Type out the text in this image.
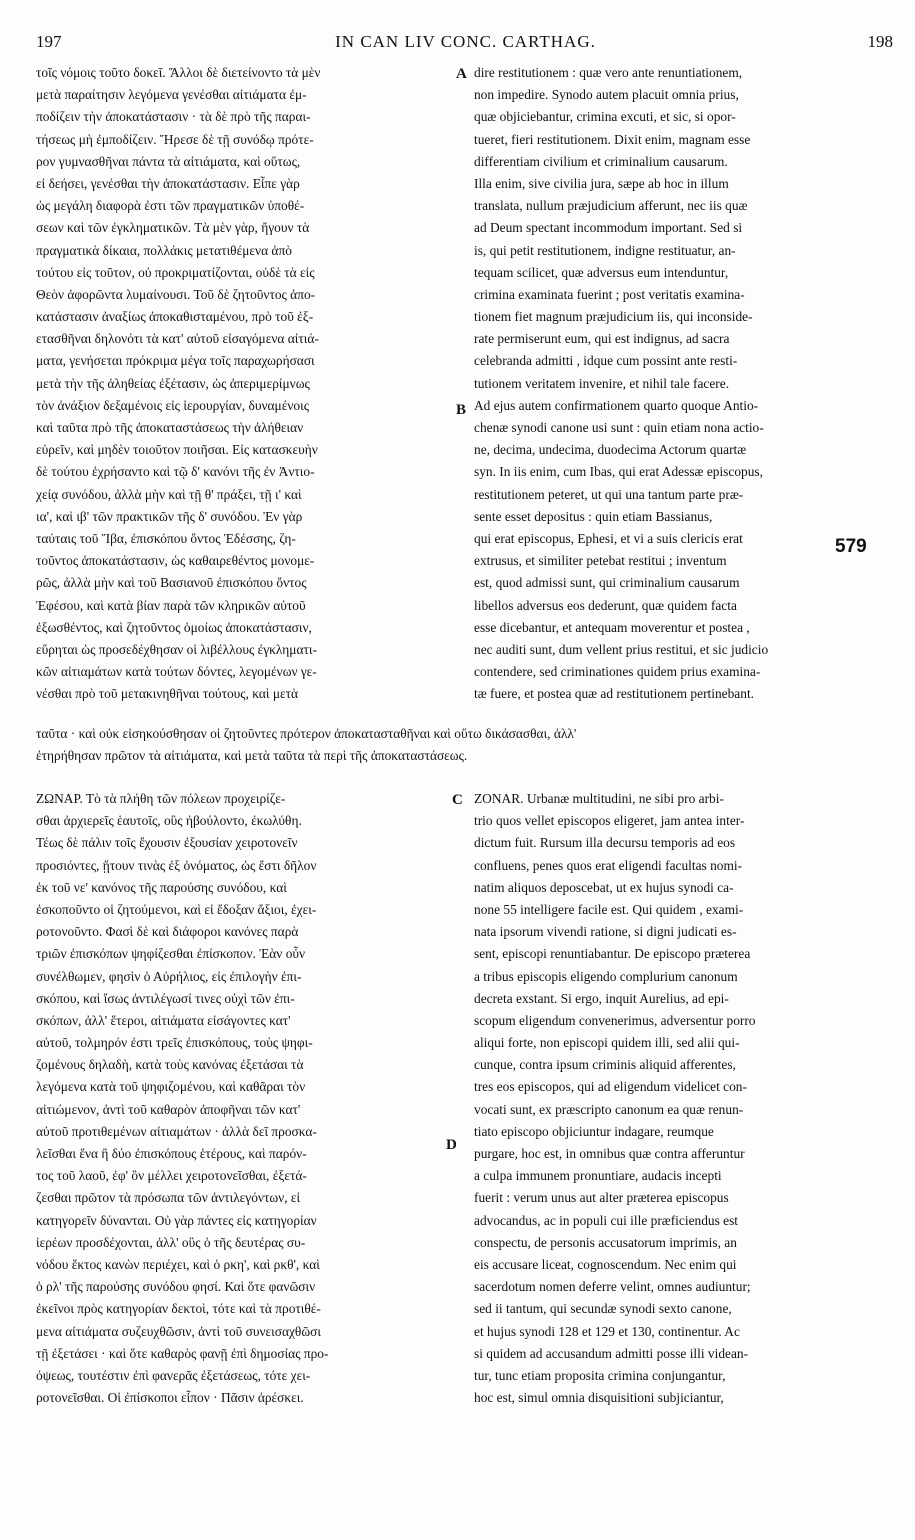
197	IN CAN LIV CONC. CARTHAG.	198
τοῖς νόμοις τοῦτο δοκεῖ. Ἄλλοι δὲ διετείνοντο τὰ μὲν
μετὰ παραίτησιν λεγόμενα γενέσθαι αἰτιάματα ἐμ-
ποδίζειν τὴν ἀποκατάστασιν · τὰ δὲ πρὸ τῆς παραι-
τήσεως μὴ ἐμποδίζειν. Ἤρεσε δὲ τῇ συνόδῳ πρότε-
ρον γυμνασθῆναι πάντα τὰ αἰτιάματα, καὶ οὕτως,
εἰ δεήσει, γενέσθαι τὴν ἀποκατάστασιν. Εἶπε γὰρ
ὡς μεγάλη διαφορὰ ἐστι τῶν πραγματικῶν ὑποθέ-
σεων καὶ τῶν ἐγκληματικῶν. Τὰ μὲν γὰρ, ἤγουν τὰ
πραγματικὰ δίκαια, πολλάκις μετατιθέμενα ἀπὸ
τούτου εἰς τοῦτον, οὐ προκριματίζονται, οὐδὲ τὰ εἰς
Θεὸν ἀφορῶντα λυμαίνουσι. Τοῦ δὲ ζητοῦντος ἀπο-
κατάστασιν ἀναξίως ἀποκαθισταμένου, πρὸ τοῦ ἐξ-
ετασθῆναι δηλονότι τὰ κατ' αὐτοῦ εἰσαγόμενα αἰτιά-
ματα, γενήσεται πρόκριμα μέγα τοῖς παραχωρήσασι
μετὰ τὴν τῆς ἀληθείας ἐξέτασιν, ὡς ἀπεριμερίμνως
τὸν ἀνάξιον δεξαμένοις εἰς ἱερουργίαν, δυναμένοις
καὶ ταῦτα πρὸ τῆς ἀποκαταστάσεως τὴν ἀλήθειαν
εὑρεῖν, καὶ μηδὲν τοιοῦτον ποιῆσαι. Εἰς κατασκευὴν
δὲ τούτου ἐχρήσαντο καὶ τῷ δ' κανόνι τῆς ἐν Ἀντιο-
χείᾳ συνόδου, ἀλλὰ μὴν καὶ τῇ θ' πράξει, τῇ ι' καὶ
ια', καὶ ιβ' τῶν πρακτικῶν τῆς δ' συνόδου. Ἐν γὰρ
ταύταις τοῦ Ἴβα, ἐπισκόπου ὄντος Ἐδέσσης, ζη-
τοῦντος ἀποκατάστασιν, ὡς καθαιρεθέντος μονομε-
ρῶς, ἀλλὰ μὴν καὶ τοῦ Βασιανοῦ ἐπισκόπου ὄντος
Ἐφέσου, καὶ κατὰ βίαν παρὰ τῶν κληρικῶν αὐτοῦ
ἐξωσθέντος, καὶ ζητοῦντος ὁμοίως ἀποκατάστασιν,
εὕρηται ὡς προσεδέχθησαν οἱ λιβέλλους ἐγκληματι-
κῶν αἰτιαμάτων κατὰ τούτων δόντες, λεγομένων γε-
νέσθαι πρὸ τοῦ μετακινηθῆναι τούτους, καὶ μετὰ
dire restitutionem : quæ vero ante renuntiationem,
non impedire. Synodo autem placuit omnia prius,
quæ objiciebantur, crimina excuti, et sic, si opor-
tueret, fieri restitutionem. Dixit enim, magnam esse
differentiam civilium et criminalium causarum.
Illa enim, sive civilia jura, sæpe ab hoc in illum
translata, nullum præjudicium afferunt, nec iis quæ
ad Deum spectant incommodum important. Sed si
is, qui petit restitutionem, indigne restituatur, an-
tequam scilicet, quæ adversus eum intenduntur,
crimina examinata fuerint ; post veritatis examina-
tionem fiet magnum præjudicium iis, qui inconside-
rate permiserunt eum, qui est indignus, ad sacra
celebranda admitti , idque cum possint ante resti-
tutionem veritatem invenire, et nihil tale facere.
Ad ejus autem confirmationem quarto quoque Antio-
chenæ synodi canone usi sunt : quin etiam nona actio-
ne, decima, undecima, duodecima Actorum quartæ
syn. In iis enim, cum Ibas, qui erat Adessæ episcopus,
restitutionem peteret, ut qui una tantum parte præ-
sente esset depositus : quin etiam Bassianus,
qui erat episcopus, Ephesi, et vi a suis clericis erat
extrusus, et similiter petebat restitui ; inventum
est, quod admissi sunt, qui criminalium causarum
libellos adversus eos dederunt, quæ quidem facta
esse dicebantur, et antequam moverentur et postea ,
nec auditi sunt, dum vellent prius restitui, et sic judicio
contendere, sed criminationes quidem prius examina-
tæ fuere, et postea quæ ad restitutionem pertinebant.
ταῦτα · καὶ οὐκ εἰσηκούσθησαν οἱ ζητοῦντες πρότερον ἀποκατασταθῆναι καὶ οὕτω δικάσασθαι, ἀλλ'
ἐτηρήθησαν πρῶτον τὰ αἰτιάματα, καὶ μετὰ ταῦτα τὰ περὶ τῆς ἀποκαταστάσεως.
ΖΩΝΑΡ. Τὸ τὰ πλήθη τῶν πόλεων προχειρίζε-
σθαι ἀρχιερεῖς ἑαυτοῖς, οὓς ἠβούλοντο, ἐκωλύθη.
Τέως δὲ πάλιν τοῖς ἔχουσιν ἐξουσίαν χειροτονεῖν
προσιόντες, ᾔτουν τινὰς ἐξ ὀνόματος, ὡς ἔστι δῆλον
ἐκ τοῦ νε' κανόνος τῆς παρούσης συνόδου, καὶ
ἐσκοποῦντο οἱ ζητούμενοι, καὶ εἰ ἔδοξαν ἄξιοι, ἐχει-
ροτονοῦντο. Φασὶ δὲ καὶ διάφοροι κανόνες παρὰ
τριῶν ἐπισκόπων ψηφίζεσθαι ἐπίσκοπον. Ἐὰν οὖν
συνέλθωμεν, φησὶν ὁ Αὐρήλιος, εἰς ἐπιλογὴν ἐπι-
σκόπου, καὶ ἴσως ἀντιλέγωσί τινες οὐχὶ τῶν ἐπι-
σκόπων, ἀλλ' ἕτεροι, αἰτιάματα εἰσάγοντες κατ'
αὐτοῦ, τολμηρόν ἐστι τρεῖς ἐπισκόπους, τοὺς ψηφι-
ζομένους δηλαδὴ, κατὰ τοὺς κανόνας ἐξετάσαι τὰ
λεγόμενα κατὰ τοῦ ψηφιζομένου, καὶ καθᾶραι τὸν
αἰτιώμενον, ἀντὶ τοῦ καθαρὸν ἀποφῆναι τῶν κατ'
αὐτοῦ προτιθεμένων αἰτιαμάτων · ἀλλὰ δεῖ προσκα-
λεῖσθαι ἕνα ἢ δύο ἐπισκόπους ἑτέρους, καὶ παρόν-
τος τοῦ λαοῦ, ἐφ' ὃν μέλλει χειροτονεῖσθαι, ἐξετά-
ζεσθαι πρῶτον τὰ πρόσωπα τῶν ἀντιλεγόντων, εἰ
κατηγορεῖν δύνανται. Οὐ γὰρ πάντες εἰς κατηγορίαν
ἱερέων προσδέχονται, ἀλλ' οὓς ὁ τῆς δευτέρας συ-
νόδου ἕκτος κανὼν περιέχει, καὶ ὁ ρκη', καὶ ρκθ', καὶ
ὁ ρλ' τῆς παρούσης συνόδου φησί. Καὶ ὅτε φανῶσιν
ἐκεῖνοι πρὸς κατηγορίαν δεκτοὶ, τότε καὶ τὰ προτιθέ-
μενα αἰτιάματα συζευχθῶσιν, ἀντὶ τοῦ συνεισαχθῶσι
τῇ ἐξετάσει · καὶ ὅτε καθαρὸς φανῇ ἐπὶ δημοσίας προ-
όψεως, τουτέστιν ἐπὶ φανερᾶς ἐξετάσεως, τότε χει-
ροτονεῖσθαι. Οἱ ἐπίσκοποι εἶπον · Πᾶσιν ἀρέσκει.
ZONAR. Urbanæ multitudini, ne sibi pro arbi-
trio quos vellet episcopos eligeret, jam antea inter-
dictum fuit. Rursum illa decursu temporis ad eos
confluens, penes quos erat eligendi facultas nomi-
natim aliquos deposcebat, ut ex hujus synodi ca-
none 55 intelligere facile est. Qui quidem , exami-
nata ipsorum vivendi ratione, si digni judicati es-
sent, episcopi renuntiabantur. De episcopo præterea
a tribus episcopis eligendo complurium canonum
decreta exstant. Si ergo, inquit Aurelius, ad epi-
scopum eligendum convenerimus, adversentur porro
aliqui forte, non episcopi quidem illi, sed alii qui-
cunque, contra ipsum criminis aliquid afferentes,
tres eos episcopos, qui ad eligendum videlicet con-
vocati sunt, ex præscripto canonum ea quæ renun-
tiato episcopo objiciuntur indagare, reumque
purgare, hoc est, in omnibus quæ contra afferuntur
a culpa immunem pronuntiare, audacis incepti
fuerit : verum unus aut alter præterea episcopus
advocandus, ac in populi cui ille præficiendus est
conspectu, de personis accusatorum imprimis, an
eis accusare liceat, cognoscendum. Nec enim qui
sacerdotum nomen deferre velint, omnes audiuntur;
sed ii tantum, qui secundæ synodi sexto canone,
et hujus synodi 128 et 129 et 130, continentur. Ac
si quidem ad accusandum admitti posse illi videan-
tur, tunc etiam proposita crimina conjungantur,
hoc est, simul omnia disquisitioni subjiciantur,
A
B
C
D
579
